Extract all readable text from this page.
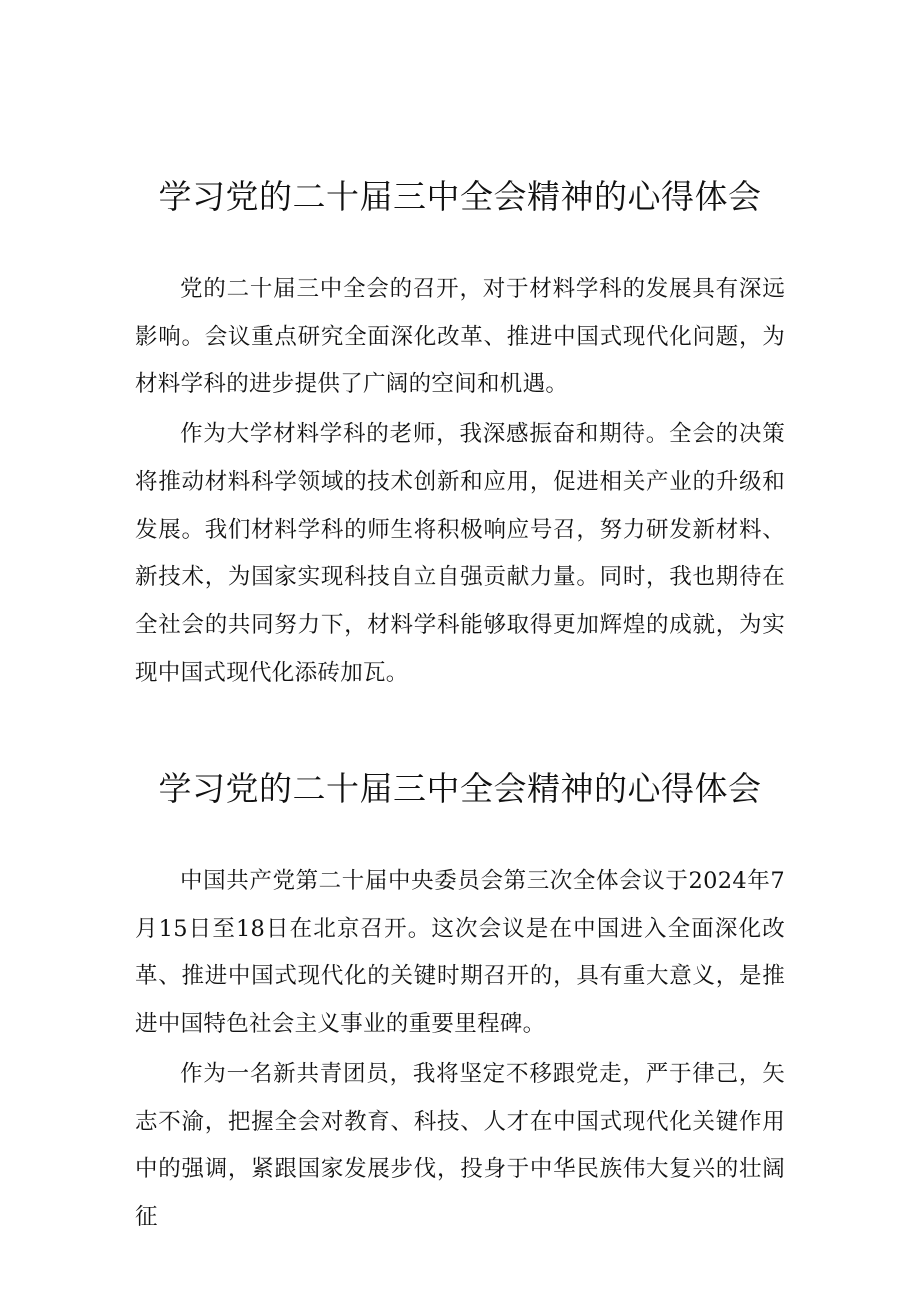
学习党的二十届三中全会精神的心得体会

党的二十届三中全会的召开，对于材料学科的发展具有深远影响。会议重点研究全面深化改革、推进中国式现代化问题，为材料学科的进步提供了广阔的空间和机遇。

作为大学材料学科的老师，我深感振奋和期待。全会的决策将推动材料科学领域的技术创新和应用，促进相关产业的升级和发展。我们材料学科的师生将积极响应号召，努力研发新材料、新技术，为国家实现科技自立自强贡献力量。同时，我也期待在全社会的共同努力下，材料学科能够取得更加辉煌的成就，为实现中国式现代化添砖加瓦。

学习党的二十届三中全会精神的心得体会

中国共产党第二十届中央委员会第三次全体会议于2024年7月15日至18日在北京召开。这次会议是在中国进入全面深化改革、推进中国式现代化的关键时期召开的，具有重大意义，是推进中国特色社会主义事业的重要里程碑。

作为一名新共青团员，我将坚定不移跟党走，严于律己，矢志不渝，把握全会对教育、科技、人才在中国式现代化关键作用中的强调，紧跟国家发展步伐，投身于中华民族伟大复兴的壮阔征
